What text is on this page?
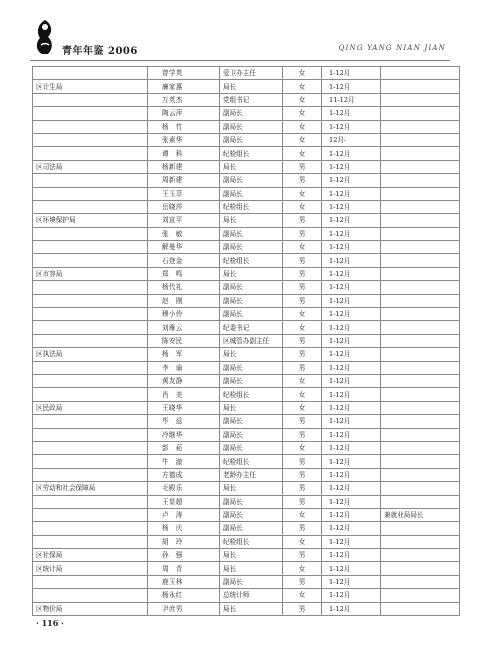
青年年鉴 2006	QING YANG NIAN JIAN
	曾学英	爱卫办主任	女	1-12月	
区计生局	廉家惠	局长	女	1-12月	
	万英杰	党组书记	女	11-12月	
	陶云萍	副局长	女	1-12月	
	杨　竹	副局长	女	1-12月	
	张素华	副局长	女	12月-	
	谭　科	纪检组长	女	1-12月	
区司法局	杨新建	局长	男	1-12月	
	周新建	副局长	男	1-12月	
	王玉萃	副局长	女	1-12月	
	岳晓莎	纪检组长	女	1-12月	
区环境保护局	刘宣平	局长	男	1-12月	
	张　敏	副局长	男	1-12月	
	解曼华	副局长	女	1-12月	
	石登金	纪检组长	男	1-12月	
区市容局	郑　鸣	局长	男	1-12月	
	杨代礼	副局长	男	1-12月	
	赵　刚	副局长	男	1-12月	
	穆小伶	副局长	女	1-12月	
	刘雁云	纪委书记	女	1-12月	
	陈安民	区城管办副主任	男	1-12月	
区执法局	杨　军	局长	男	1-12月	
	李　谕	副局长	男	1-12月	
	黄友静	副局长	女	1-12月	
	肖　美	纪检组长	女	1-12月	
区民政局	王晓华	局长	女	1-12月	
	毕　兹	副局长	男	1-12月	
	冷继华	副局长	男	1-12月	
	彭　菘	副局长	女	1-12月	
	牛　澈	纪检组长	男	1-12月	
	方德成	老龄办主任	男	1-12月	
区劳动和社会保障局	毛殿乐	局长	男	1-12月	
	王显超	副局长	男	1-12月	
	卢　涛	副局长	女	1-12月	兼就业局局长
	杨　庆	副局长	男	1-12月	
	胡　玲	纪检组长	女	1-12月	
区社保局	孙　强	局长	男	1-12月	
区统计局	周　青	局长	女	1-12月	
	鹿玉林	副局长	男	1-12月	
	杨永红	总统计师	女	1-12月	
区物价局	尹庶男	局长	男	1-12月	
· 116 ·
